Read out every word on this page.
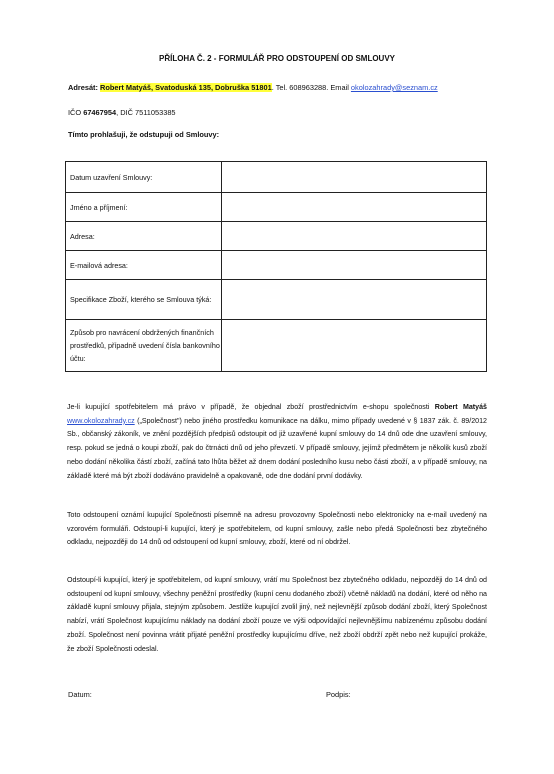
PŘÍLOHA Č. 2 - FORMULÁŘ PRO ODSTOUPENÍ OD SMLOUVY
Adresát: Robert Matyáš, Svatoduská 135, Dobruška 51801. Tel. 608963288. Email okolozahrady@seznam.cz
IČO 67467954, DIČ 7511053385
Tímto prohlašuji, že odstupuji od Smlouvy:
Datum uzavření Smlouvy:	
Jméno a příjmení:	
Adresa:	
E-mailová adresa:	
Specifikace Zboží, kterého se Smlouva týká:	
Způsob pro navrácení obdržených finančních prostředků, případně uvedení čísla bankovního účtu:	
Je-li kupující spotřebitelem má právo v případě, že objednal zboží prostřednictvím e-shopu společnosti Robert Matyáš www.okolozahrady.cz („Společnost") nebo jiného prostředku komunikace na dálku, mimo případy uvedené v § 1837 zák. č. 89/2012 Sb., občanský zákoník, ve znění pozdějších předpisů odstoupit od již uzavřené kupní smlouvy do 14 dnů ode dne uzavření smlouvy, resp. pokud se jedná o koupi zboží, pak do čtrnácti dnů od jeho převzetí. V případě smlouvy, jejímž předmětem je několik kusů zboží nebo dodání několika částí zboží, začíná tato lhůta běžet až dnem dodání posledního kusu nebo části zboží, a v případě smlouvy, na základě které má být zboží dodáváno pravidelně a opakovaně, ode dne dodání první dodávky.
Toto odstoupení oznámí kupující Společnosti písemně na adresu provozovny Společnosti nebo elektronicky na e-mail uvedený na vzorovém formuláři. Odstoupí-li kupující, který je spotřebitelem, od kupní smlouvy, zašle nebo předá Společnosti bez zbytečného odkladu, nejpozději do 14 dnů od odstoupení od kupní smlouvy, zboží, které od ní obdržel.
Odstoupí-li kupující, který je spotřebitelem, od kupní smlouvy, vrátí mu Společnost bez zbytečného odkladu, nejpozději do 14 dnů od odstoupení od kupní smlouvy, všechny peněžní prostředky (kupní cenu dodaného zboží) včetně nákladů na dodání, které od něho na základě kupní smlouvy přijala, stejným způsobem. Jestliže kupující zvolil jiný, než nejlevnější způsob dodání zboží, který Společnost nabízí, vrátí Společnost kupujícímu náklady na dodání zboží pouze ve výši odpovídající nejlevnějšímu nabízenému způsobu dodání zboží. Společnost není povinna vrátit přijaté peněžní prostředky kupujícímu dříve, než zboží obdrží zpět nebo než kupující prokáže, že zboží Společnosti odeslal.
Datum:	Podpis:
